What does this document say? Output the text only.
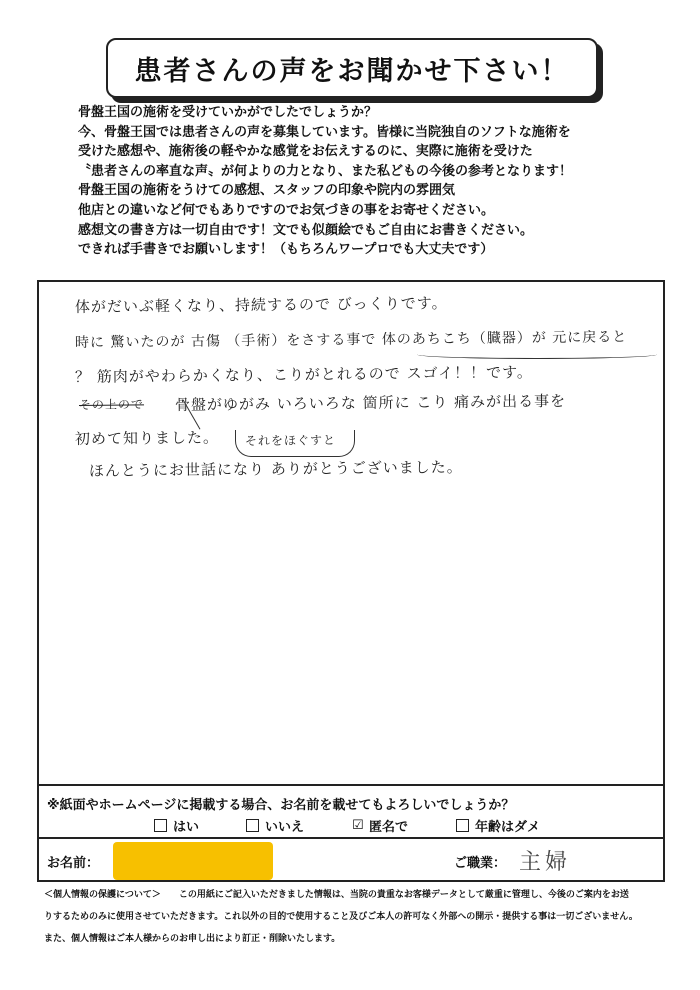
患者さんの声をお聞かせ下さい！
骨盤王国の施術を受けていかがでしたでしょうか？
今、骨盤王国では患者さんの声を募集しています。皆様に当院独自のソフトな施術を
受けた感想や、施術後の軽やかな感覚をお伝えするのに、実際に施術を受けた
〝患者さんの率直な声〟が何よりの力となり、また私どもの今後の参考となります！
骨盤王国の施術をうけての感想、スタッフの印象や院内の雰囲気
他店との違いなど何でもありですのでお気づきの事をお寄せください。
感想文の書き方は一切自由です！文でも似顔絵でもご自由にお書きください。
できれば手書きでお願いします！（もちろんワープロでも大丈夫です）
体がだいぶ軽くなり、持続するので びっくりです。
時に 驚いたのが 古傷 （手術）をさする事で 体のあちこち（臓器）が 元に戻ると
？ 筋肉がやわらかくなり、こりがとれるので スゴイ！！です。
その上ので 骨盤がゆがみ いろいろな 箇所に こり 痛みが出る事を
初めて知りました。 それをほぐすと
ほんとうにお世話になり ありがとうございました。
※紙面やホームページに掲載する場合、お名前を載せてもよろしいでしょうか？
はい	いいえ	☑ 匿名で	年齢はダメ
お名前：	ご職業： 主婦
＜個人情報の保護について＞　　この用紙にご記入いただきました情報は、当院の貴重なお客様データとして厳重に管理し、今後のご案内をお送
りするためのみに使用させていただきます。これ以外の目的で使用すること及びご本人の許可なく外部への開示・提供する事は一切ございません。
また、個人情報はご本人様からのお申し出により訂正・削除いたします。
